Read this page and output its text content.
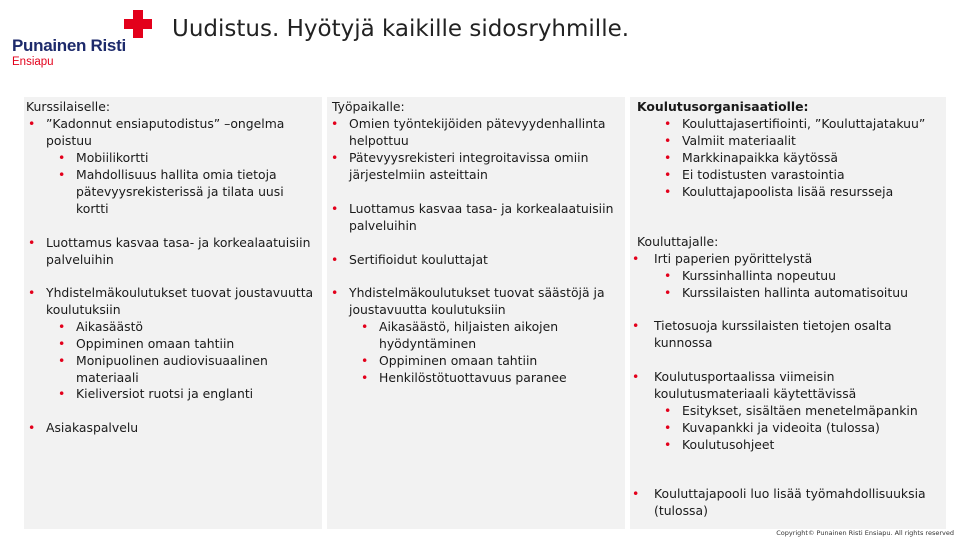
Punainen Risti
Ensiapu
Uudistus. Hyötyjä kaikille sidosryhmille.
Kurssilaiselle:
• ”Kadonnut ensiaputodistus” –ongelma poistuu
• Mobiilikortti
• Mahdollisuus hallita omia tietoja pätevyysrekisterissä ja tilata uusi kortti
• Luottamus kasvaa tasa- ja korkealaatuisiin palveluihin
• Yhdistelmäkoulutukset tuovat joustavuutta koulutuksiin
• Aikasäästö
• Oppiminen omaan tahtiin
• Monipuolinen audiovisuaalinen materiaali
• Kieliversiot ruotsi ja englanti
• Asiakaspalvelu
Työpaikalle:
• Omien työntekijöiden pätevyydenhallinta helpottuu
• Pätevyysrekisteri integroitavissa omiin järjestelmiin asteittain
• Luottamus kasvaa tasa- ja korkealaatuisiin palveluihin
• Sertifioidut kouluttajat
• Yhdistelmäkoulutukset tuovat säästöjä ja joustavuutta koulutuksiin
• Aikasäästö, hiljaisten aikojen hyödyntäminen
• Oppiminen omaan tahtiin
• Henkilöstötuottavuus paranee
Koulutusorganisaatiolle:
• Kouluttajasertifiointi, ”Kouluttajatakuu”
• Valmiit materiaalit
• Markkinapaikka käytössä
• Ei todistusten varastointia
• Kouluttajapoolista lisää resursseja
Kouluttajalle:
• Irti paperien pyörittelystä
• Kurssinhallinta nopeutuu
• Kurssilaisten hallinta automatisoituu
• Tietosuoja kurssilaisten tietojen osalta kunnossa
• Koulutusportaalissa viimeisin koulutusmateriaali käytettävissä
• Esitykset, sisältäen menetelmäpankin
• Kuvapankki ja videoita (tulossa)
• Koulutusohjeet
• Kouluttajapooli luo lisää työmahdollisuuksia (tulossa)
Copyright© Punainen Risti Ensiapu. All rights reserved
